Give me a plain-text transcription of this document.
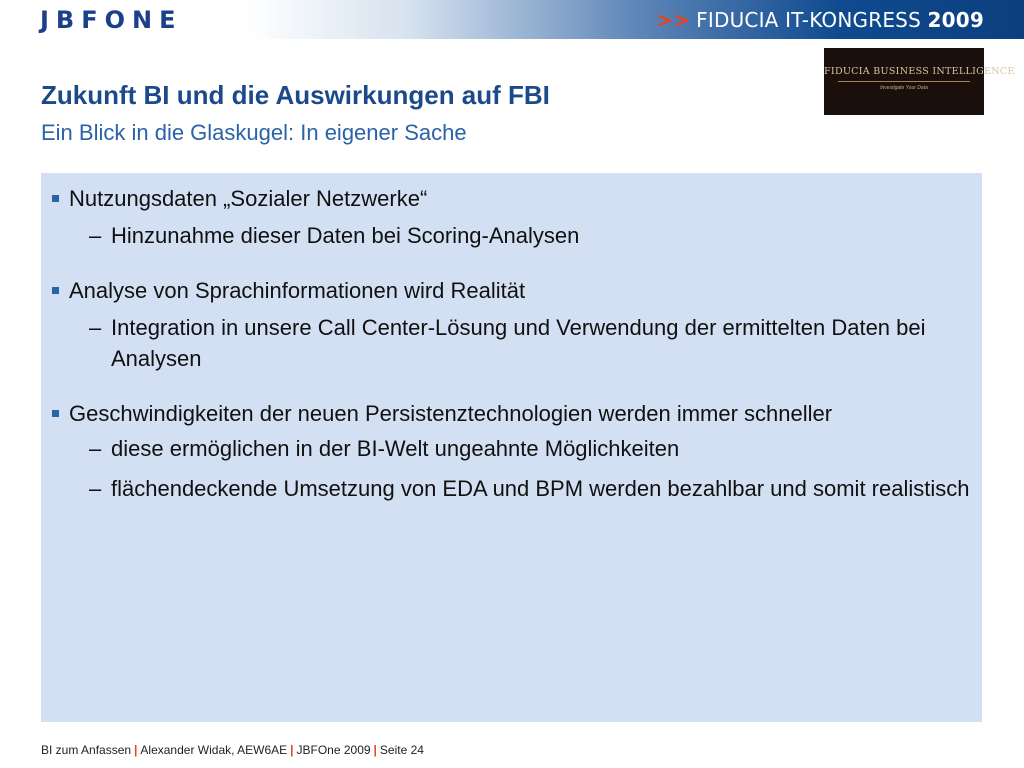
JBFONE	>> FIDUCIA IT-KONGRESS 2009
Zukunft BI und die Auswirkungen auf FBI
Ein Blick in die Glaskugel: In eigener Sache
FIDUCIA BUSINESS INTELLIGENCE
Investigate Your Data
Nutzungsdaten „Sozialer Netzwerke“
– Hinzunahme dieser Daten bei Scoring-Analysen
Analyse von Sprachinformationen wird Realität
– Integration in unsere Call Center-Lösung und Verwendung der ermittelten Daten bei Analysen
Geschwindigkeiten der neuen Persistenztechnologien werden immer schneller
– diese ermöglichen in der BI-Welt ungeahnte Möglichkeiten
– flächendeckende Umsetzung von EDA und BPM werden bezahlbar und somit realistisch
BI zum Anfassen | Alexander Widak, AEW6AE | JBFOne 2009 | Seite 24
